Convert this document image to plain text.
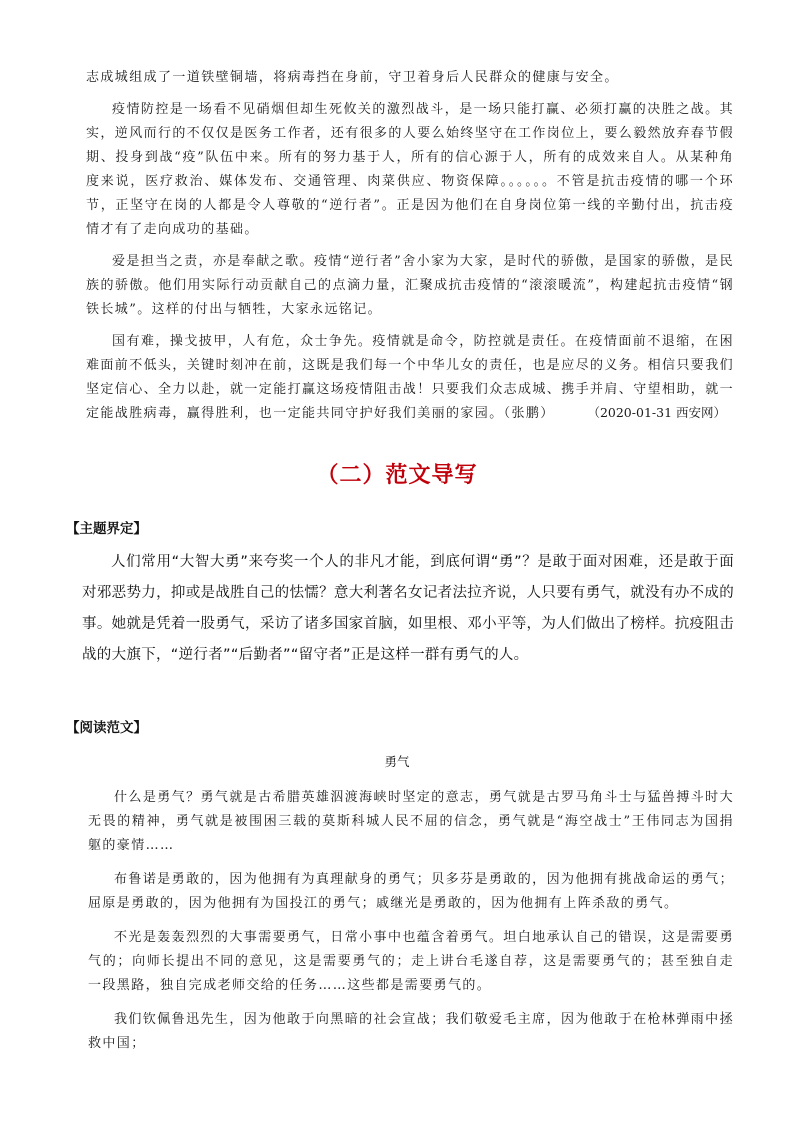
志成城组成了一道铁壁铜墙，将病毒挡在身前，守卫着身后人民群众的健康与安全。

疫情防控是一场看不见硝烟但却生死攸关的激烈战斗，是一场只能打赢、必须打赢的决胜之战。其实，逆风而行的不仅仅是医务工作者，还有很多的人要么始终坚守在工作岗位上，要么毅然放弃春节假期、投身到战“疫”队伍中来。所有的努力基于人，所有的信心源于人，所有的成效来自人。从某种角度来说，医疗救治、媒体发布、交通管理、肉菜供应、物资保障。。。。。。不管是抗击疫情的哪一个环节，正坚守在岗的人都是令人尊敬的“逆行者”。正是因为他们在自身岗位第一线的辛勤付出，抗击疫情才有了走向成功的基础。

爱是担当之责，亦是奉献之歌。疫情“逆行者”舍小家为大家，是时代的骄傲，是国家的骄傲，是民族的骄傲。他们用实际行动贡献自己的点滴力量，汇聚成抗击疫情的“滚滚暖流”，构建起抗击疫情“钢铁长城”。这样的付出与牺牲，大家永远铭记。

国有难，操戈披甲，人有危，众士争先。疫情就是命令，防控就是责任。在疫情面前不退缩，在困难面前不低头，关键时刻冲在前，这既是我们每一个中华儿女的责任，也是应尽的义务。相信只要我们坚定信心、全力以赴，就一定能打赢这场疫情阻击战！只要我们众志成城、携手并肩、守望相助，就一定能战胜病毒，赢得胜利，也一定能共同守护好我们美丽的家园。（张鹏）	（2020-01-31 西安网）
（二）范文导写
【主题界定】

人们常用“大智大勇”来夸奖一个人的非凡才能，到底何谓“勇”？是敢于面对困难，还是敢于面对邪恶势力，抑或是战胜自己的怯懦？意大利著名女记者法拉齐说，人只要有勇气，就没有办不成的事。她就是凭着一股勇气，采访了诸多国家首脑，如里根、邓小平等，为人们做出了榜样。抗疫阻击战的大旗下，“逆行者”“后勤者”“留守者”正是这样一群有勇气的人。

【阅读范文】
勇气

什么是勇气？勇气就是古希腊英雄泅渡海峡时坚定的意志，勇气就是古罗马角斗士与猛兽搏斗时大无畏的精神，勇气就是被围困三载的莫斯科城人民不屈的信念，勇气就是“海空战士”王伟同志为国捐躯的豪情……

布鲁诺是勇敢的，因为他拥有为真理献身的勇气；贝多芬是勇敢的，因为他拥有挑战命运的勇气；屈原是勇敢的，因为他拥有为国投江的勇气；戚继光是勇敢的，因为他拥有上阵杀敌的勇气。

不光是轰轰烈烈的大事需要勇气，日常小事中也蕴含着勇气。坦白地承认自己的错误，这是需要勇气的；向师长提出不同的意见，这是需要勇气的；走上讲台毛遂自荐，这是需要勇气的；甚至独自走一段黑路，独自完成老师交给的任务……这些都是需要勇气的。

我们钦佩鲁迅先生，因为他敢于向黑暗的社会宣战；我们敬爱毛主席，因为他敢于在枪林弹雨中拯救中国；
